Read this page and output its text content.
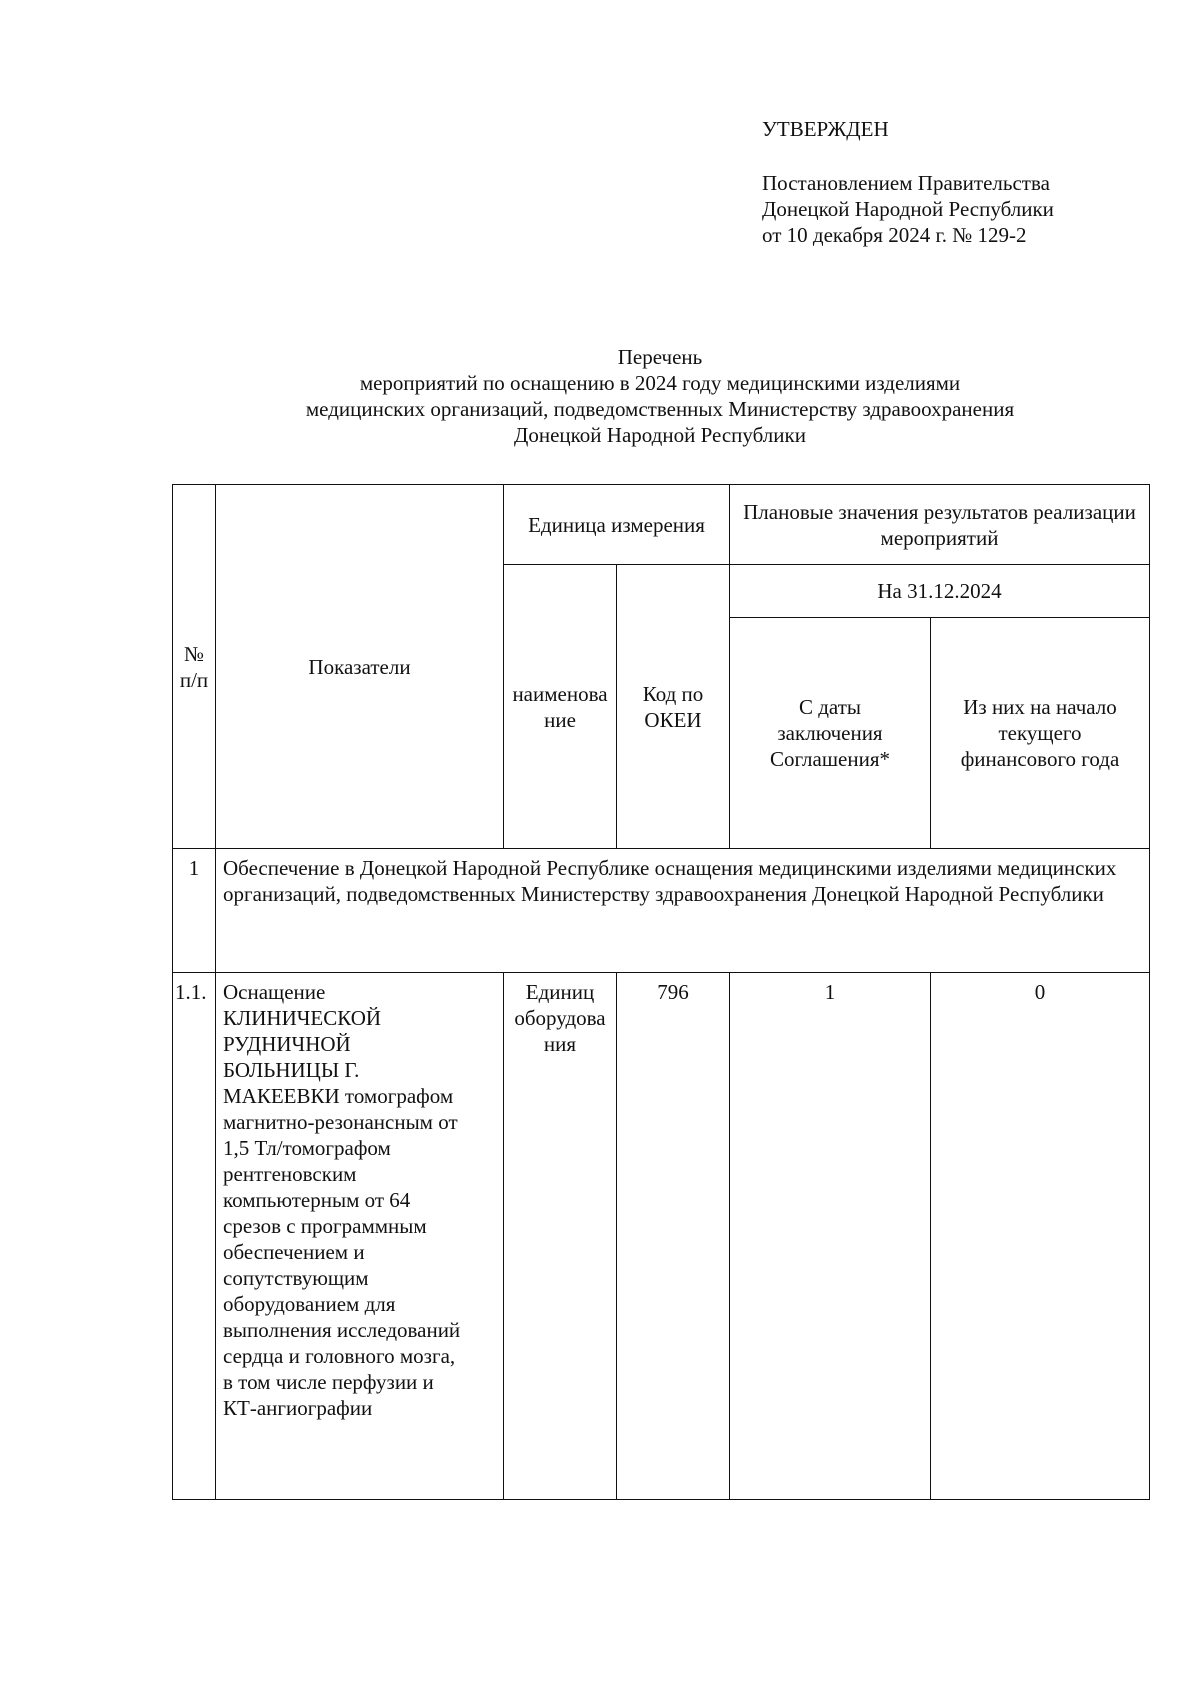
УТВЕРЖДЕН
Постановлением Правительства
Донецкой Народной Республики
от 10 декабря 2024 г. № 129-2
Перечень
мероприятий по оснащению в 2024 году медицинскими изделиями
медицинских организаций, подведомственных Министерству здравоохранения
Донецкой Народной Республики
№ п/п	Показатели	Единица измерения		Плановые значения результатов реализации мероприятий	
		наименова ние	Код по ОКЕИ	На 31.12.2024	
				С даты заключения Соглашения*	Из них на начало текущего финансового года
1	Обеспечение в Донецкой Народной Республике оснащения медицинскими изделиями медицинских организаций, подведомственных Министерству здравоохранения Донецкой Народной Республики				
1.1.	Оснащение КЛИНИЧЕСКОЙ РУДНИЧНОЙ БОЛЬНИЦЫ Г. МАКЕЕВКИ томографом магнитно-резонансным от 1,5 Тл/томографом рентгеновским компьютерным от 64 срезов с программным обеспечением и сопутствующим оборудованием для выполнения исследований сердца и головного мозга, в том числе перфузии и КТ-ангиографии	Единиц оборудова ния	796	1	0
